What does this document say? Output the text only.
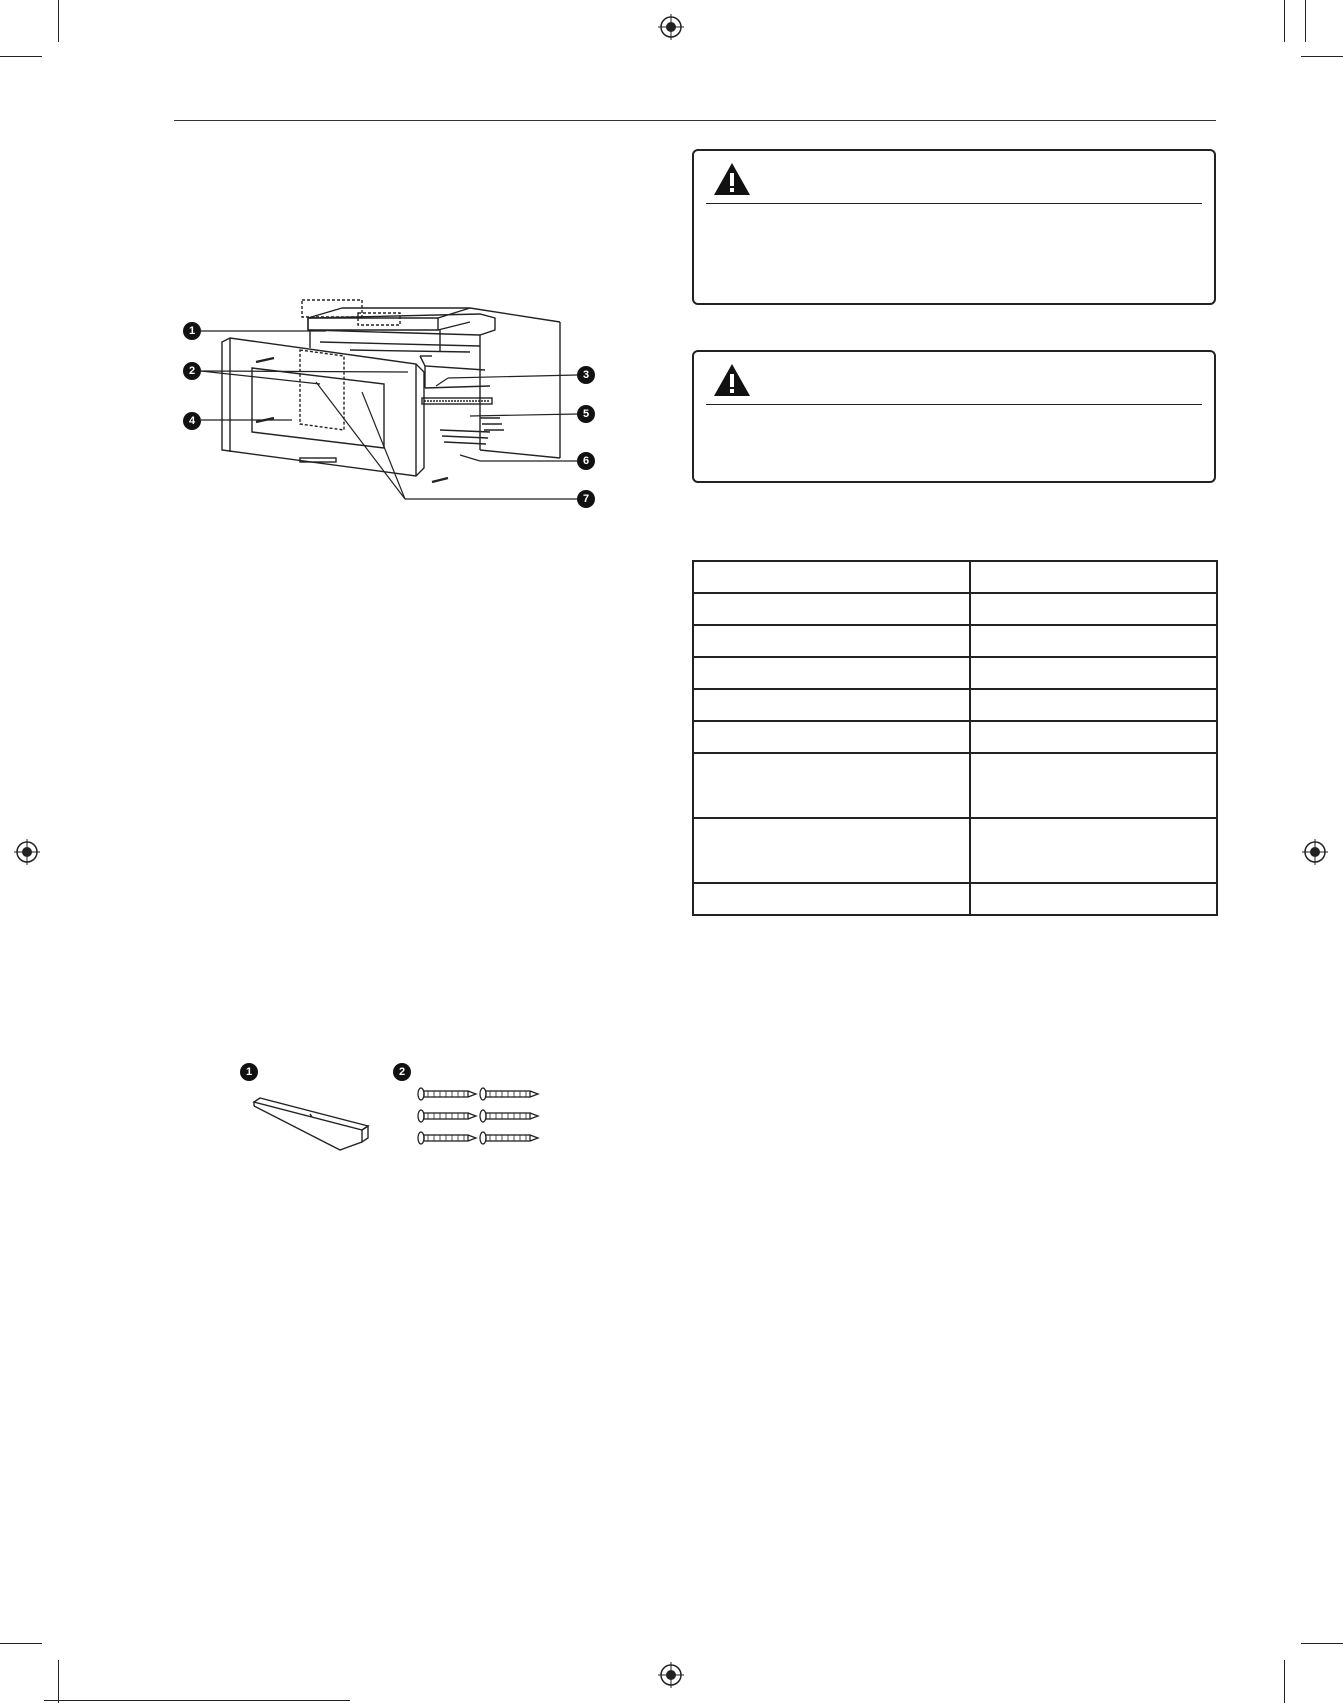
1
2	3
4
5
6
7

1	2
